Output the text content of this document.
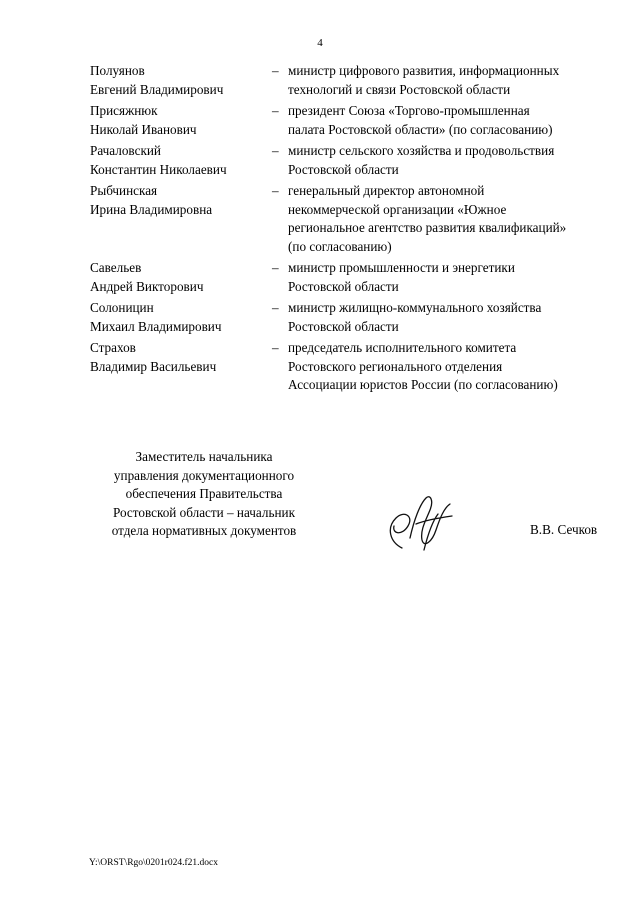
4
Полуянов
Евгений Владимирович
– министр цифрового развития, информационных
технологий и связи Ростовской области
Присяжнюк
Николай Иванович
– президент Союза «Торгово-промышленная
палата Ростовской области» (по согласованию)
Рачаловский
Константин Николаевич
– министр сельского хозяйства и продовольствия
Ростовской области
Рыбчинская
Ирина Владимировна
– генеральный директор автономной
некоммерческой организации «Южное
региональное агентство развития квалификаций»
(по согласованию)
Савельев
Андрей Викторович
– министр промышленности и энергетики
Ростовской области
Солоницин
Михаил Владимирович
– министр жилищно-коммунального хозяйства
Ростовской области
Страхов
Владимир Васильевич
– председатель исполнительного комитета
Ростовского регионального отделения
Ассоциации юристов России (по согласованию)
Заместитель начальника
управления документационного
обеспечения Правительства
Ростовской области – начальник
отдела нормативных документов	В.В. Сечков
Y:\ORST\Rgo\0201r024.f21.docx
